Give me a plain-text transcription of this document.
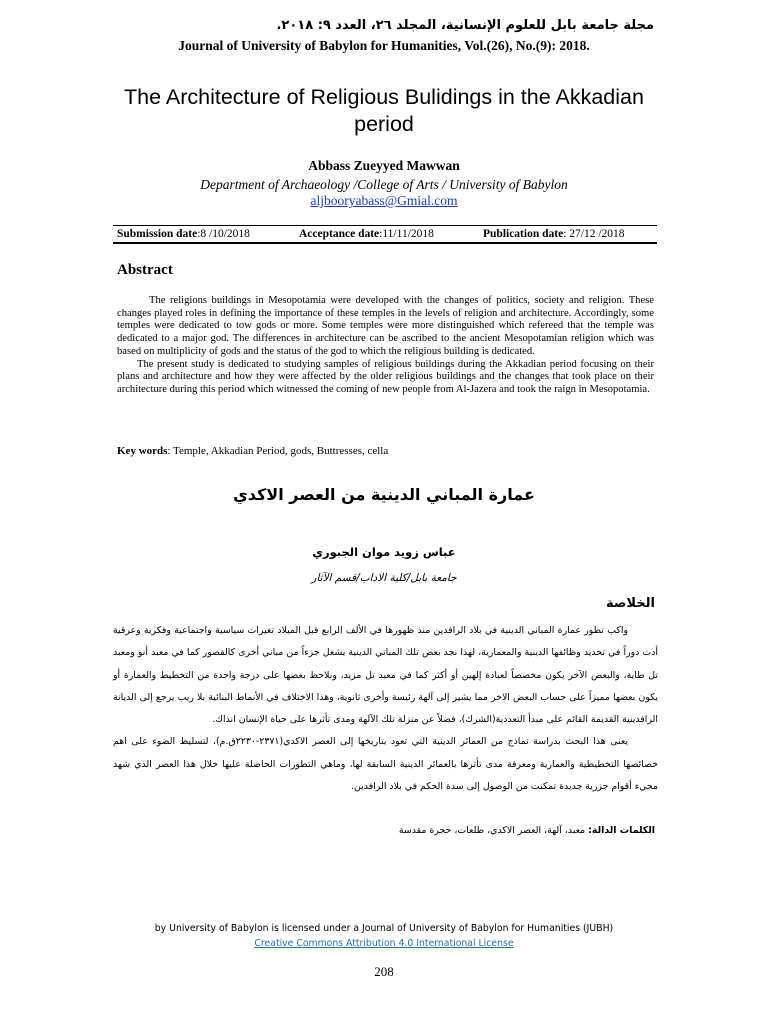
مجلة جامعة بابل للعلوم الإنسانية، المجلد ٢٦، العدد ٩: ٢٠١٨.
Journal of University of Babylon for Humanities, Vol.(26), No.(9): 2018.
The Architecture of Religious Bulidings in the Akkadian period
Abbass Zueyyed Mawwan
Department of Archaeology /College of Arts / University of Babylon
aljbooryabass@Gmial.com
Submission date:8 /10/2018	Acceptance date:11/11/2018	Publication date: 27/12 /2018
Abstract

The religions buildings in Mesopotamia were developed with the changes of politics, society and religion. These changes played roles in defining the importance of these temples in the levels of religion and architecture. Accordingly, some temples were dedicated to tow gods or more. Some temples were more distinguished which refereed that the temple was dedicated to a major god. The differences in architecture can be ascribed to the ancient Mesopotamian religion which was based on multiplicity of gods and the status of the god to which the religious building is dedicated.

The present study is dedicated to studying samples of religious buildings during the Akkadian period focusing on their plans and architecture and how they were affected by the older religious buildings and the changes that took place on their architecture during this period which witnessed the coming of new people from Al-Jazera and took the raign in Mesopotamia.

Key words: Temple, Akkadian Period, gods, Buttresses, cella
عمارة المباني الدينية من العصر الاكدي
عباس زويد موان الجبوري
جامعة بابل/كلية الاداب/قسم الآثار
الخلاصة

واكب تطور عمارة المباني الدينية في بلاد الرافدين منذ ظهورها في الألف الرابع قبل الميلاد تغيرات سياسية واجتماعية وفكرية وعرقية أدت دوراً في تحديد وظائفها الدينية والمعمارية، لهذا نجد بعض تلك المباني الدينية يشغل جزءاً من مباني أخرى كالقصور كما في معبد أنو ومعبد تل طاية، والبعض الآخر يكون مخصصاً لعبادة إلهين أو أكثر كما في معبد تل مزيد، ونلاحظ بعضها على درجة واحدة من التخطيط والعمارة أو يكون بعضها مميزاً على حساب البعض الاخر مما يشير إلى آلهة رئيسة وأخرى ثانوية، وهذا الاختلاف في الأنماط البنائية بلا ريب يرجع إلى الديانة الرافدينية القديمة القائم على مبدأ التعددية(الشرك)، فضلاً عن منزلة تلك الآلهة ومدى تأثرها على حياة الإنسان انذاك.

يعنى هذا البحث بدراسة نماذج من العمائر الدينية التي تعود بتاريخها إلى العصر الاكدي(٢٣٧١-٢٢٣٠ق.م)، لتسليط الضوء على اهم خصائصها التخطيطية والعمارية ومعرفة مدى تأثرها بالعمائر الدينية السابقة لها، وماهي التطورات الحاصلة عليها خلال هذا العصر الذي شهد مجيء أقوام جزرية جديدة تمكنت من الوصول إلى سدة الحكم في بلاد الرافدين.

الكلمات الدالة: معبد، آلهة، العصر الاكدي، طلعات، حجرة مقدسة
by University of Babylon is licensed under a Journal of University of Babylon for Humanities (JUBH)
Creative Commons Attribution 4.0 International License
208
